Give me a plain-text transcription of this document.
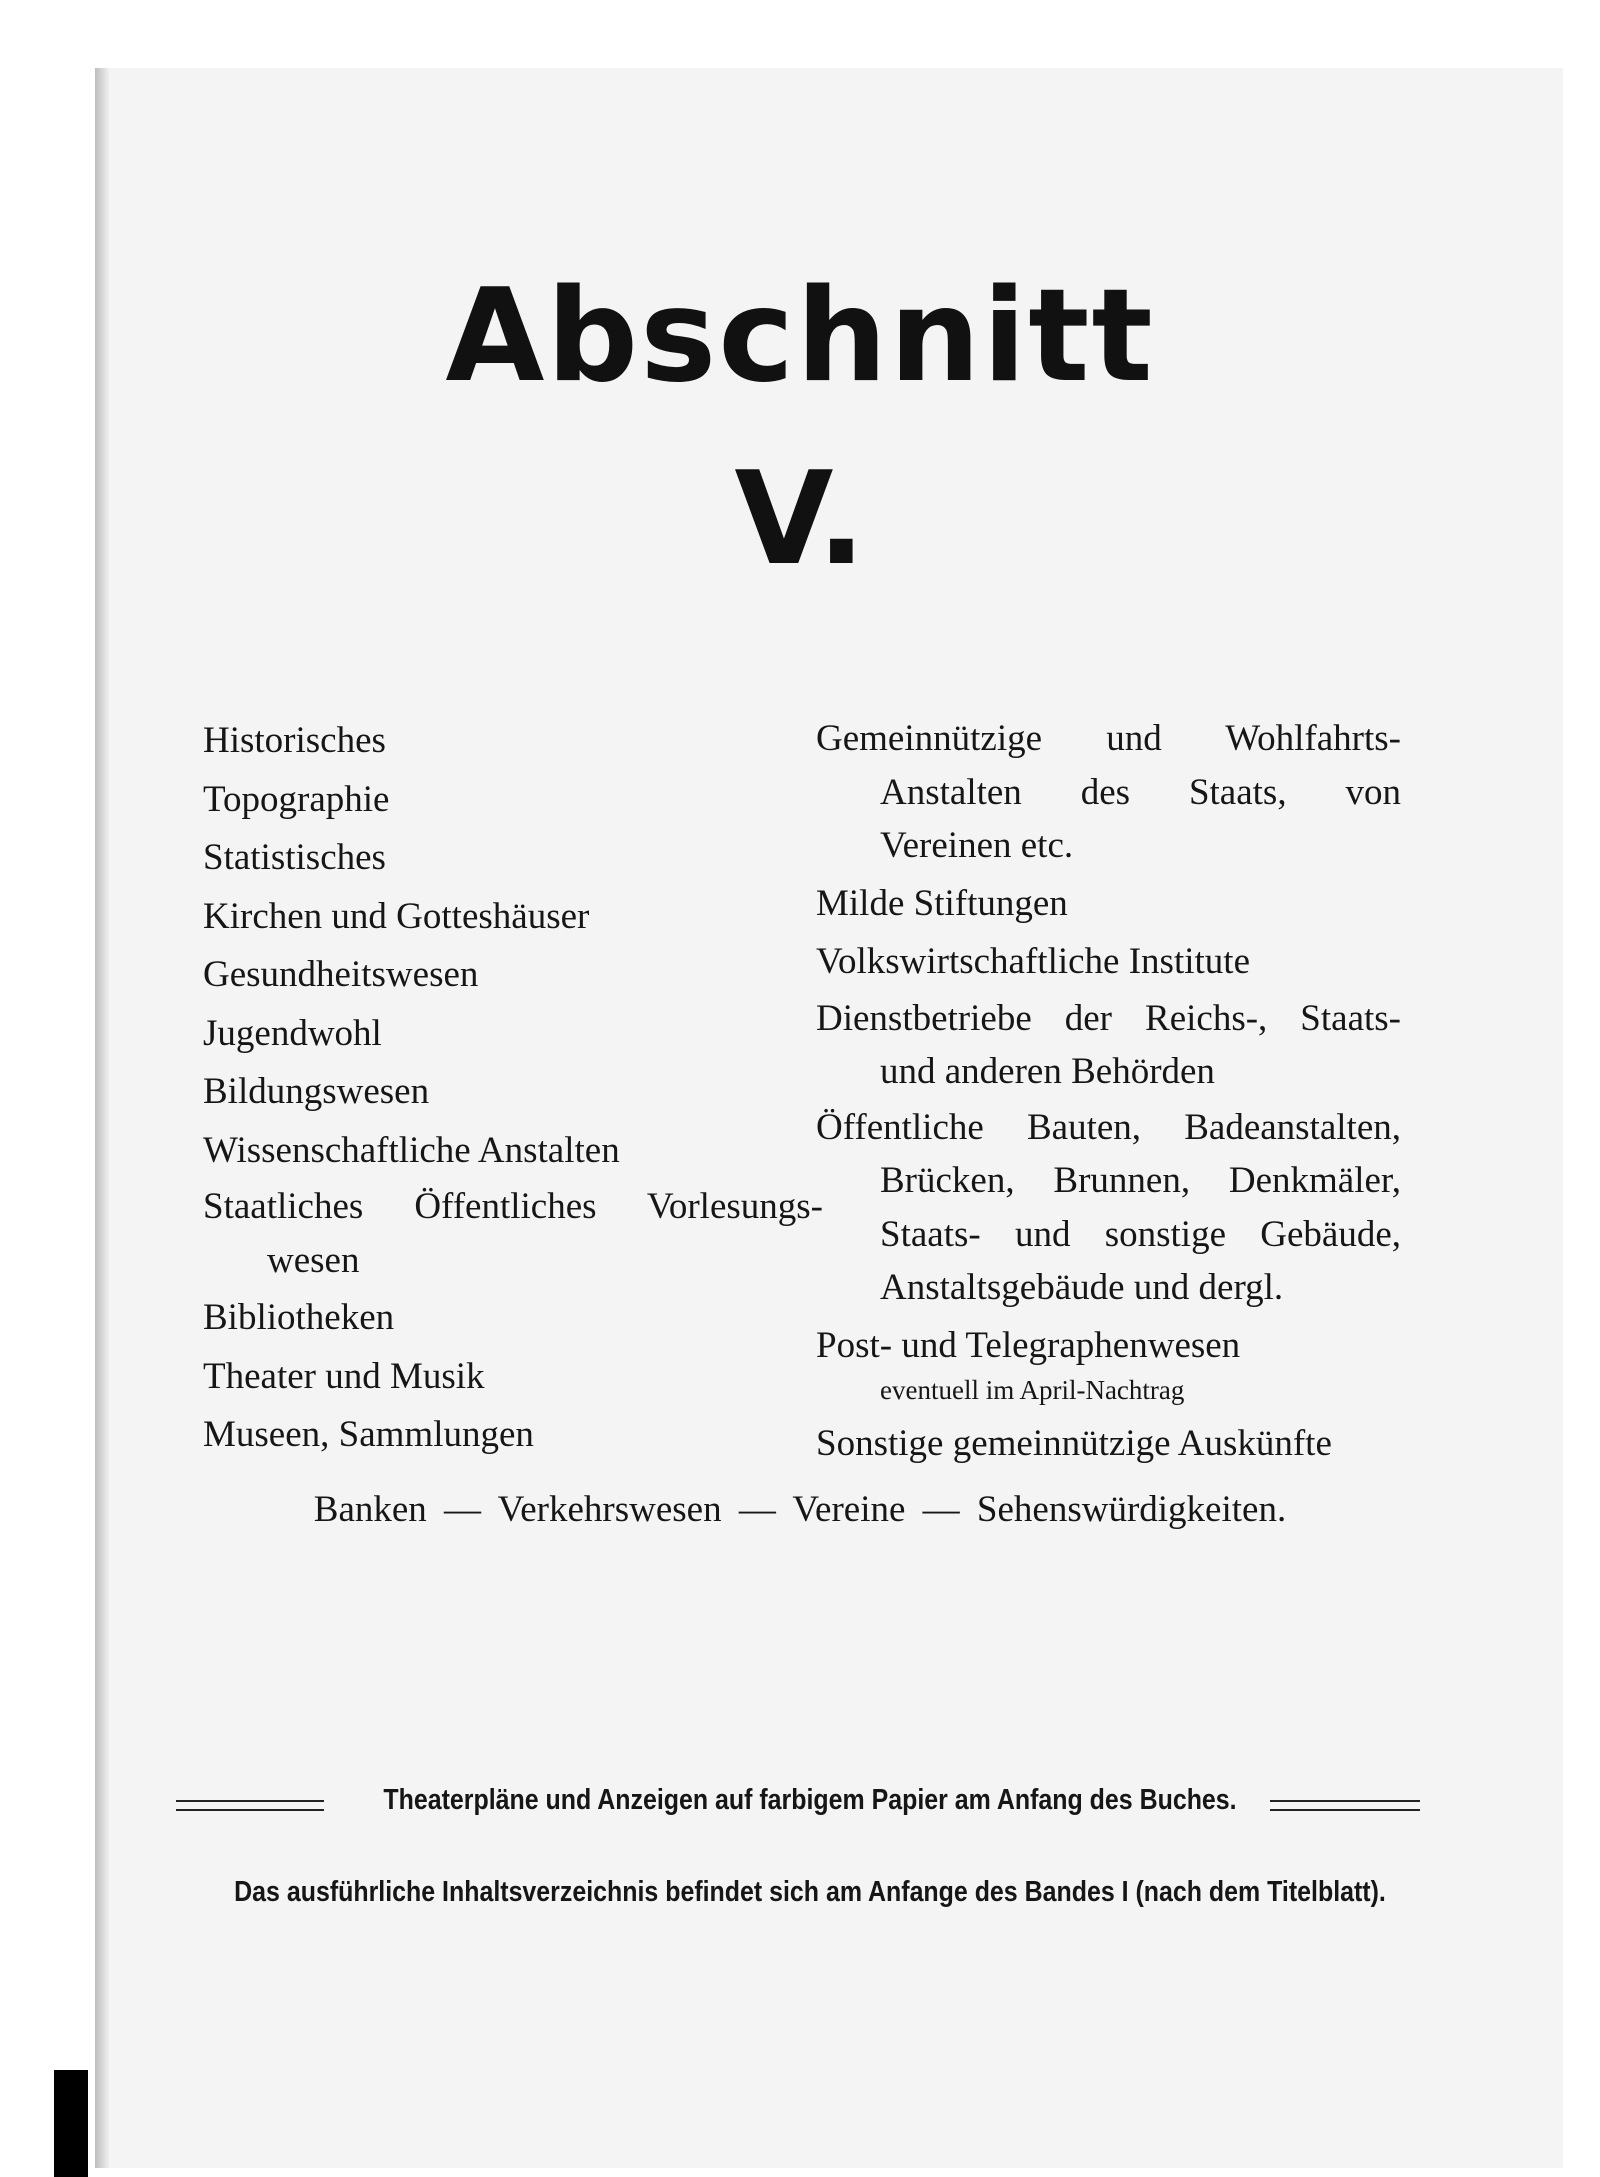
Abschnitt
V.
Historisches
Topographie
Statistisches
Kirchen und Gotteshäuser
Gesundheitswesen
Jugendwohl
Bildungswesen
Wissenschaftliche Anstalten
Staatliches Öffentliches Vorlesungs-
wesen
Bibliotheken
Theater und Musik
Museen, Sammlungen
Gemeinnützige und Wohlfahrts-
Anstalten des Staats, von
Vereinen etc.
Milde Stiftungen
Volkswirtschaftliche Institute
Dienstbetriebe der Reichs-, Staats-
und anderen Behörden
Öffentliche Bauten, Badeanstalten,
Brücken, Brunnen, Denkmäler,
Staats- und sonstige Gebäude,
Anstaltsgebäude und dergl.
Post- und Telegraphenwesen
eventuell im April-Nachtrag
Sonstige gemeinnützige Auskünfte
Banken — Verkehrswesen — Vereine — Sehenswürdigkeiten.
Theaterpläne und Anzeigen auf farbigem Papier am Anfang des Buches.
Das ausführliche Inhaltsverzeichnis befindet sich am Anfange des Bandes I (nach dem Titelblatt).
